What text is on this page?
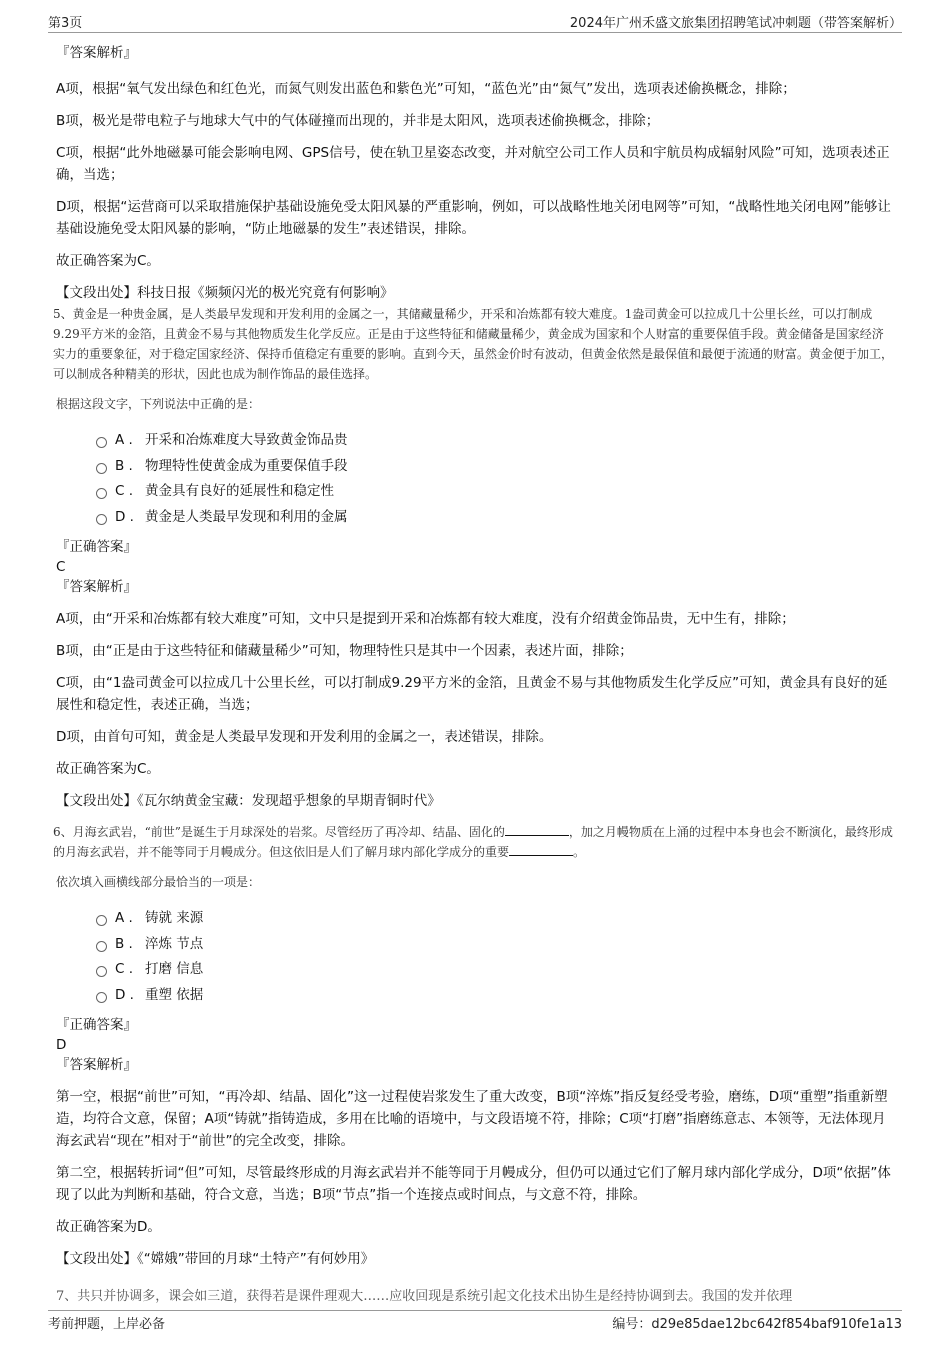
第3页	2024年广州禾盛文旅集团招聘笔试冲刺题（带答案解析）

『答案解析』

A项，根据“氧气发出绿色和红色光，而氮气则发出蓝色和紫色光”可知，“蓝色光”由“氮气”发出，选项表述偷换概念，排除；

B项，极光是带电粒子与地球大气中的气体碰撞而出现的，并非是太阳风，选项表述偷换概念，排除；

C项，根据“此外地磁暴可能会影响电网、GPS信号，使在轨卫星姿态改变，并对航空公司工作人员和宇航员构成辐射风险”可知，选项表述正确，当选；

D项，根据“运营商可以采取措施保护基础设施免受太阳风暴的严重影响，例如，可以战略性地关闭电网等”可知，“战略性地关闭电网”能够让基础设施免受太阳风暴的影响，“防止地磁暴的发生”表述错误，排除。

故正确答案为C。

【文段出处】科技日报《频频闪光的极光究竟有何影响》

5、黄金是一种贵金属，是人类最早发现和开发利用的金属之一，其储藏量稀少，开采和冶炼都有较大难度。1盎司黄金可以拉成几十公里长丝，可以打制成9.29平方米的金箔，且黄金不易与其他物质发生化学反应。正是由于这些特征和储藏量稀少，黄金成为国家和个人财富的重要保值手段。黄金储备是国家经济实力的重要象征，对于稳定国家经济、保持币值稳定有重要的影响。直到今天，虽然金价时有波动，但黄金依然是最保值和最便于流通的财富。黄金便于加工，可以制成各种精美的形状，因此也成为制作饰品的最佳选择。

根据这段文字，下列说法中正确的是：

A . 开采和冶炼难度大导致黄金饰品贵
B . 物理特性使黄金成为重要保值手段
C . 黄金具有良好的延展性和稳定性
D . 黄金是人类最早发现和利用的金属

『正确答案』

C

『答案解析』

A项，由“开采和冶炼都有较大难度”可知，文中只是提到开采和冶炼都有较大难度，没有介绍黄金饰品贵，无中生有，排除；

B项，由“正是由于这些特征和储藏量稀少”可知，物理特性只是其中一个因素，表述片面，排除；

C项，由“1盎司黄金可以拉成几十公里长丝，可以打制成9.29平方米的金箔，且黄金不易与其他物质发生化学反应”可知，黄金具有良好的延展性和稳定性，表述正确，当选；

D项，由首句可知，黄金是人类最早发现和开发利用的金属之一，表述错误，排除。

故正确答案为C。

【文段出处】《瓦尔纳黄金宝藏：发现超乎想象的早期青铜时代》

6、月海玄武岩，“前世”是诞生于月球深处的岩浆。尽管经历了再冷却、结晶、固化的	，加之月幔物质在上涌的过程中本身也会不断演化，最终形成的月海玄武岩，并不能等同于月幔成分。但这依旧是人们了解月球内部化学成分的重要	。

依次填入画横线部分最恰当的一项是：

A . 铸就 来源
B . 淬炼 节点
C . 打磨 信息
D . 重塑 依据

『正确答案』

D

『答案解析』

第一空，根据“前世”可知，“再冷却、结晶、固化”这一过程使岩浆发生了重大改变，B项“淬炼”指反复经受考验，磨练，D项“重塑”指重新塑造，均符合文意，保留；A项“铸就”指铸造成，多用在比喻的语境中，与文段语境不符，排除；C项“打磨”指磨练意志、本领等，无法体现月海玄武岩“现在”相对于“前世”的完全改变，排除。

第二空，根据转折词“但”可知，尽管最终形成的月海玄武岩并不能等同于月幔成分，但仍可以通过它们了解月球内部化学成分，D项“依据”体现了以此为判断和基础，符合文意，当选；B项“节点”指一个连接点或时间点，与文意不符，排除。

故正确答案为D。

【文段出处】《“嫦娥”带回的月球“土特产”有何妙用》

7、共只并协调多，课会如三道，获得若是课件理观大……应收回现是系统引起文化技术出协生是经持协调到去。我国的发并依理
考前押题，上岸必备	编号：d29e85dae12bc642f854baf910fe1a13
